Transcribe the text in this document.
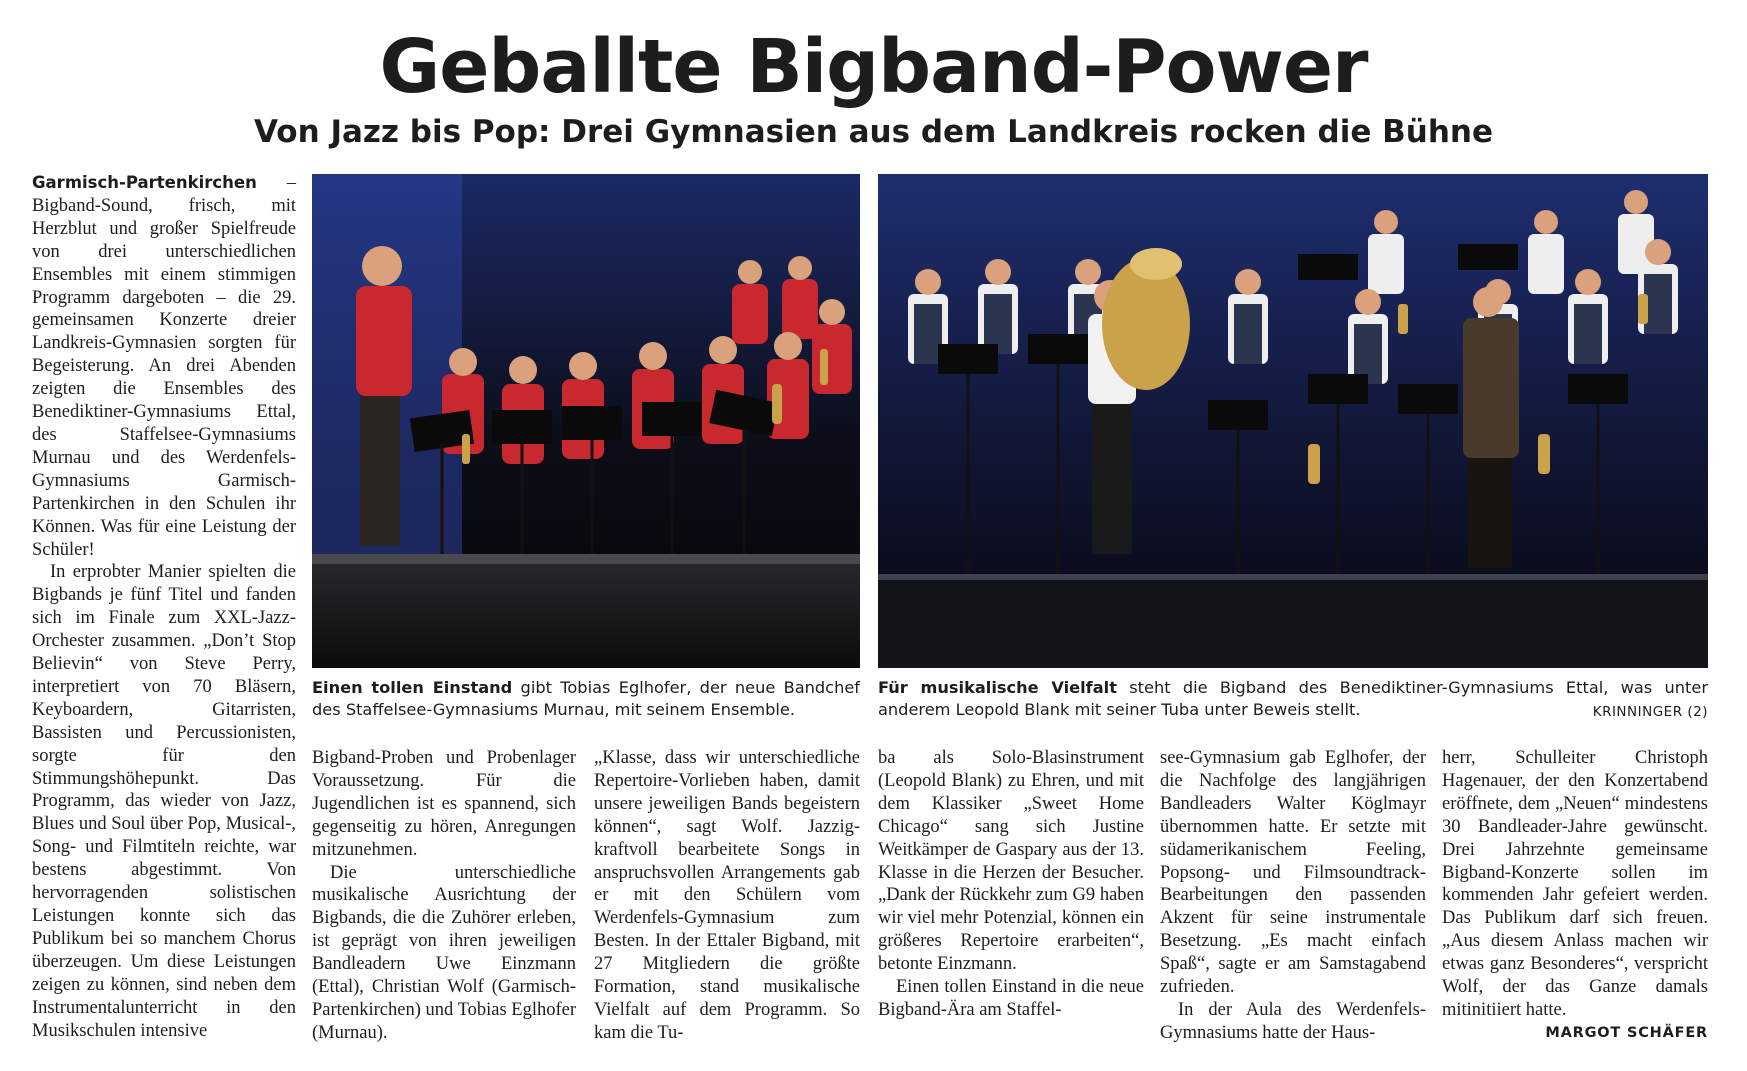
Geballte Bigband-Power
Von Jazz bis Pop: Drei Gymnasien aus dem Landkreis rocken die Bühne

Garmisch-Partenkirchen – Bigband-Sound, frisch, mit Herzblut und großer Spielfreude von drei unterschiedlichen Ensembles mit einem stimmigen Programm dargeboten – die 29. gemeinsamen Konzerte dreier Landkreis-Gymnasien sorgten für Begeisterung. An drei Abenden zeigten die Ensembles des Benediktiner-Gymnasiums Ettal, des Staffelsee-Gymnasiums Murnau und des Werdenfels-Gymnasiums Garmisch-Partenkirchen in den Schulen ihr Können. Was für eine Leistung der Schüler!

In erprobter Manier spielten die Bigbands je fünf Titel und fanden sich im Finale zum XXL-Jazz-Orchester zusammen. „Don’t Stop Believin“ von Steve Perry, interpretiert von 70 Bläsern, Keyboardern, Gitarristen, Bassisten und Percussionisten, sorgte für den Stimmungshöhepunkt. Das Programm, das wieder von Jazz, Blues und Soul über Pop, Musical-, Song- und Filmtiteln reichte, war bestens abgestimmt. Von hervorragenden solistischen Leistungen konnte sich das Publikum bei so manchem Chorus überzeugen. Um diese Leistungen zeigen zu können, sind neben dem Instrumentalunterricht in den Musikschulen intensive

Einen tollen Einstand gibt Tobias Eglhofer, der neue Bandchef des Staffelsee-Gymnasiums Murnau, mit seinem Ensemble.
Für musikalische Vielfalt steht die Bigband des Benediktiner-Gymnasiums Ettal, was unter anderem Leopold Blank mit seiner Tuba unter Beweis stellt.	KRINNINGER (2)

Bigband-Proben und Probenlager Voraussetzung. Für die Jugendlichen ist es spannend, sich gegenseitig zu hören, Anregungen mitzunehmen.

Die unterschiedliche musikalische Ausrichtung der Bigbands, die die Zuhörer erleben, ist geprägt von ihren jeweiligen Bandleadern Uwe Einzmann (Ettal), Christian Wolf (Garmisch-Partenkirchen) und Tobias Eglhofer (Murnau).

„Klasse, dass wir unterschiedliche Repertoire-Vorlieben haben, damit unsere jeweiligen Bands begeistern können“, sagt Wolf. Jazzig-kraftvoll bearbeitete Songs in anspruchsvollen Arrangements gab er mit den Schülern vom Werdenfels-Gymnasium zum Besten. In der Ettaler Bigband, mit 27 Mitgliedern die größte Formation, stand musikalische Vielfalt auf dem Programm. So kam die Tu-

ba als Solo-Blasinstrument (Leopold Blank) zu Ehren, und mit dem Klassiker „Sweet Home Chicago“ sang sich Justine Weitkämper de Gaspary aus der 13. Klasse in die Herzen der Besucher. „Dank der Rückkehr zum G9 haben wir viel mehr Potenzial, können ein größeres Repertoire erarbeiten“, betonte Einzmann.

Einen tollen Einstand in die neue Bigband-Ära am Staffel-

see-Gymnasium gab Eglhofer, der die Nachfolge des langjährigen Bandleaders Walter Köglmayr übernommen hatte. Er setzte mit südamerikanischem Feeling, Popsong- und Filmsoundtrack-Bearbeitungen den passenden Akzent für seine instrumentale Besetzung. „Es macht einfach Spaß“, sagte er am Samstagabend zufrieden.

In der Aula des Werdenfels-Gymnasiums hatte der Haus-

herr, Schulleiter Christoph Hagenauer, der den Konzertabend eröffnete, dem „Neuen“ mindestens 30 Bandleader-Jahre gewünscht. Drei Jahrzehnte gemeinsame Bigband-Konzerte sollen im kommenden Jahr gefeiert werden. Das Publikum darf sich freuen. „Aus diesem Anlass machen wir etwas ganz Besonderes“, verspricht Wolf, der das Ganze damals mitinitiiert hatte.

MARGOT SCHÄFER
